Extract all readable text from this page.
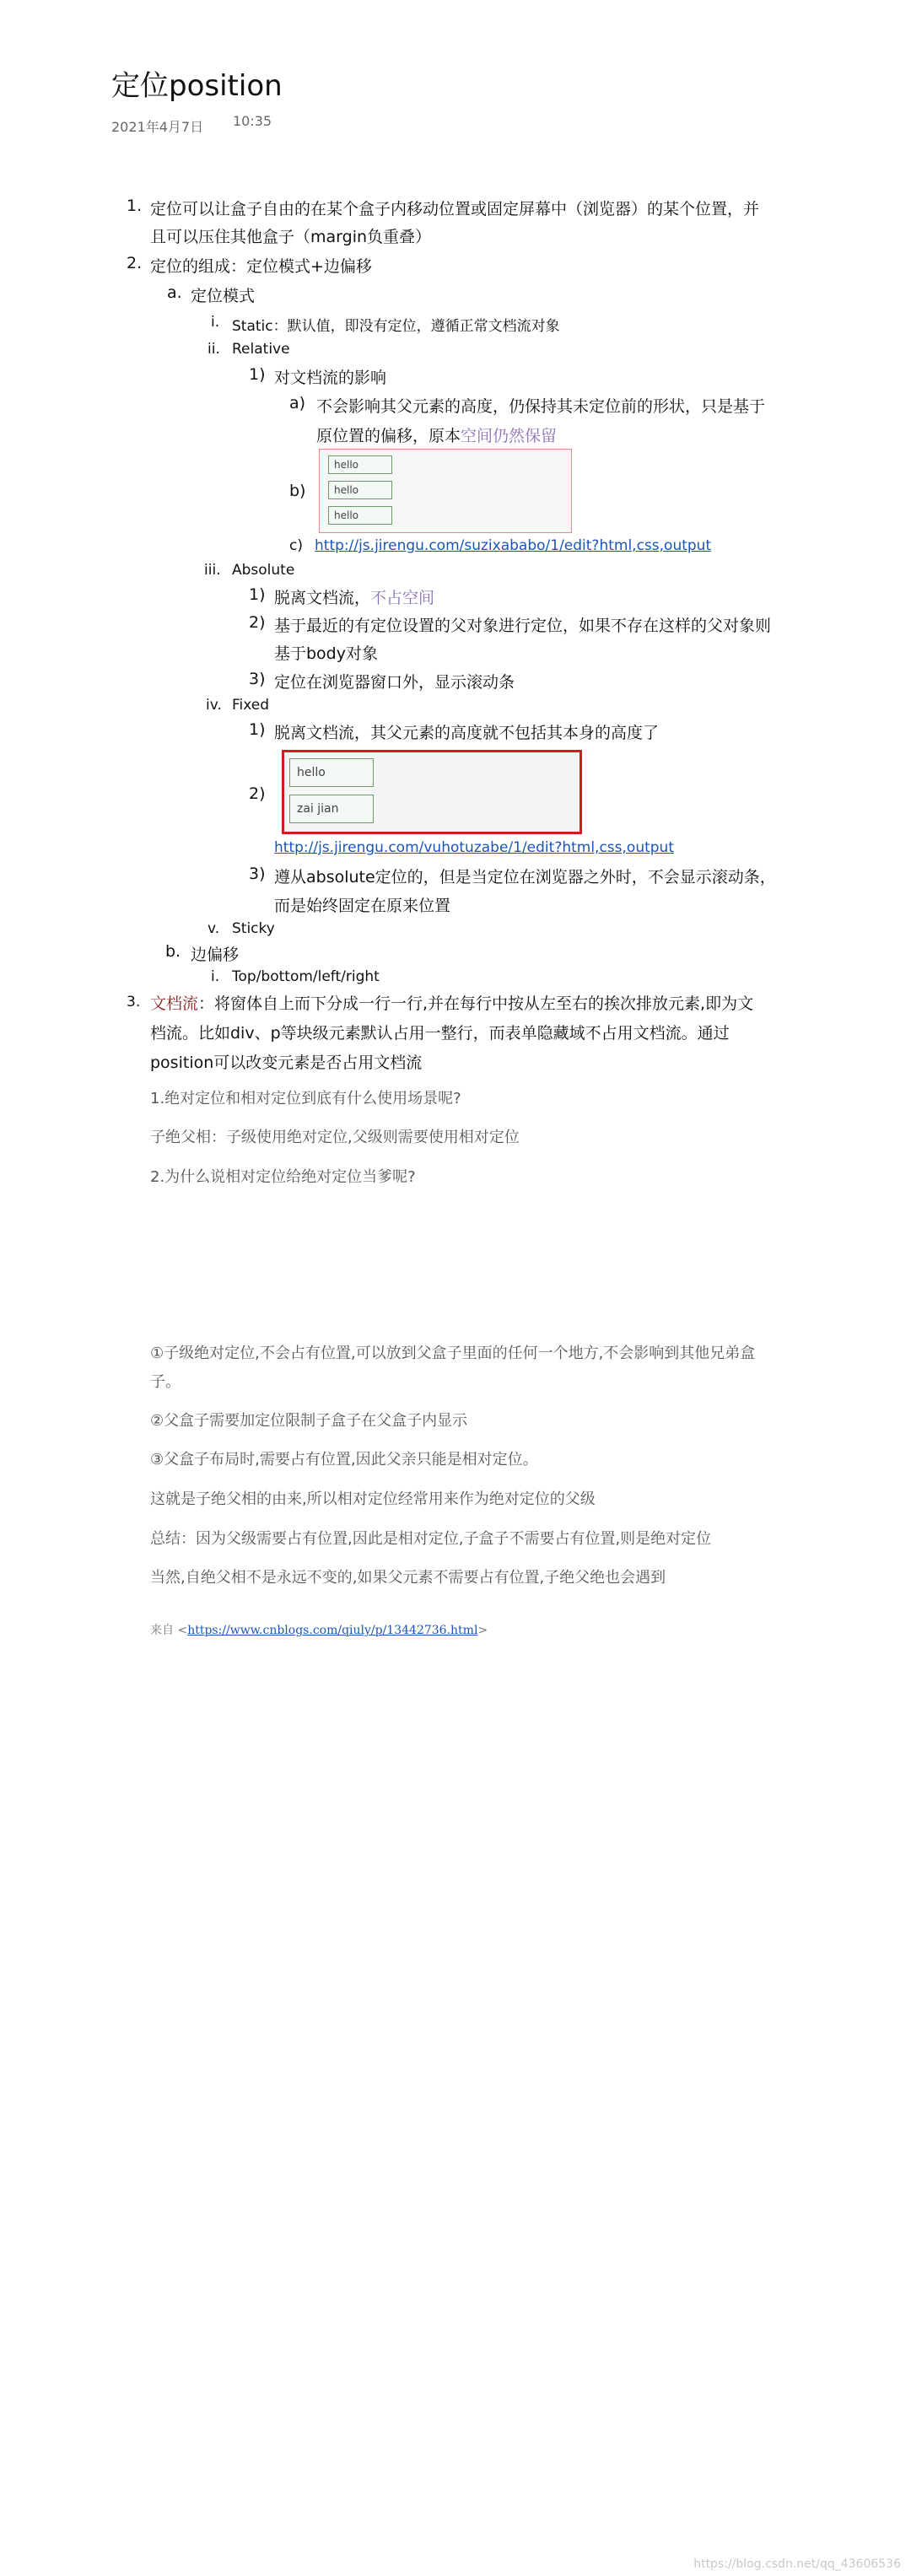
定位position
2021年4月7日 10:35
1. 定位可以让盒子自由的在某个盒子内移动位置或固定屏幕中（浏览器）的某个位置，并
且可以压住其他盒子（margin负重叠）
2. 定位的组成：定位模式+边偏移
a. 定位模式
i. Static：默认值，即没有定位，遵循正常文档流对象
ii. Relative
1) 对文档流的影响
a) 不会影响其父元素的高度，仍保持其未定位前的形状，只是基于
原位置的偏移，原本空间仍然保留
b)
hello
hello
hello
c) http://js.jirengu.com/suzixababo/1/edit?html,css,output
iii. Absolute
1) 脱离文档流，不占空间
2) 基于最近的有定位设置的父对象进行定位，如果不存在这样的父对象则
基于body对象
3) 定位在浏览器窗口外，显示滚动条
iv. Fixed
1) 脱离文档流，其父元素的高度就不包括其本身的高度了
2)
hello
zai jian
http://js.jirengu.com/vuhotuzabe/1/edit?html,css,output
3) 遵从absolute定位的，但是当定位在浏览器之外时，不会显示滚动条，
而是始终固定在原来位置
v. Sticky
b. 边偏移
i. Top/bottom/left/right
3. 文档流：将窗体自上而下分成一行一行,并在每行中按从左至右的挨次排放元素,即为文
档流。比如div、p等块级元素默认占用一整行，而表单隐藏域不占用文档流。通过
position可以改变元素是否占用文档流
1.绝对定位和相对定位到底有什么使用场景呢?
子绝父相：子级使用绝对定位,父级则需要使用相对定位
2.为什么说相对定位给绝对定位当爹呢?
①子级绝对定位,不会占有位置,可以放到父盒子里面的任何一个地方,不会影响到其他兄弟盒
子。
②父盒子需要加定位限制子盒子在父盒子内显示
③父盒子布局时,需要占有位置,因此父亲只能是相对定位。
这就是子绝父相的由来,所以相对定位经常用来作为绝对定位的父级
总结：因为父级需要占有位置,因此是相对定位,子盒子不需要占有位置,则是绝对定位
当然,自绝父相不是永远不变的,如果父元素不需要占有位置,子绝父绝也会遇到
来自 <https://www.cnblogs.com/qiuly/p/13442736.html>
https://blog.csdn.net/qq_43606536
